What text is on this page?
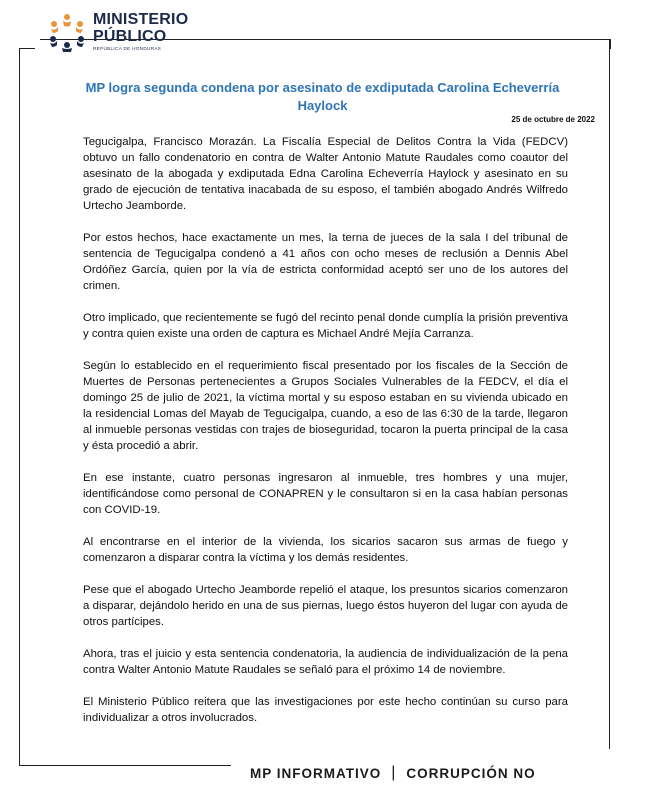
MINISTERIO
PÚBLICO
REPÚBLICA DE HONDURAS
MP logra segunda condena por asesinato de exdiputada Carolina Echeverría Haylock
25 de octubre de 2022

Tegucigalpa, Francisco Morazán. La Fiscalía Especial de Delitos Contra la Vida (FEDCV) obtuvo un fallo condenatorio en contra de Walter Antonio Matute Raudales como coautor del asesinato de la abogada y exdiputada Edna Carolina Echeverría Haylock y asesinato en su grado de ejecución de tentativa inacabada de su esposo, el también abogado Andrés Wilfredo Urtecho Jeamborde.

Por estos hechos, hace exactamente un mes, la terna de jueces de la sala I del tribunal de sentencia de Tegucigalpa condenó a 41 años con ocho meses de reclusión a Dennis Abel Ordóñez García, quien por la vía de estricta conformidad aceptó ser uno de los autores del crimen.

Otro implicado, que recientemente se fugó del recinto penal donde cumplía la prisión preventiva y contra quien existe una orden de captura es Michael André Mejía Carranza.

Según lo establecido en el requerimiento fiscal presentado por los fiscales de la Sección de Muertes de Personas pertenecientes a Grupos Sociales Vulnerables de la FEDCV, el día el domingo 25 de julio de 2021, la víctima mortal y su esposo estaban en su vivienda ubicado en la residencial Lomas del Mayab de Tegucigalpa, cuando, a eso de las 6:30 de la tarde, llegaron al inmueble personas vestidas con trajes de bioseguridad, tocaron la puerta principal de la casa y ésta procedió a abrir.

En ese instante, cuatro personas ingresaron al inmueble, tres hombres y una mujer, identificándose como personal de CONAPREN y le consultaron si en la casa habían personas con COVID-19.

Al encontrarse en el interior de la vivienda, los sicarios sacaron sus armas de fuego y comenzaron a disparar contra la víctima y los demás residentes.

Pese que el abogado Urtecho Jeamborde repelió el ataque, los presuntos sicarios comenzaron a disparar, dejándolo herido en una de sus piernas, luego éstos huyeron del lugar con ayuda de otros partícipes.

Ahora, tras el juicio y esta sentencia condenatoria, la audiencia de individualización de la pena contra Walter Antonio Matute Raudales se señaló para el próximo 14 de noviembre.

El Ministerio Público reitera que las investigaciones por este hecho continúan su curso para individualizar a otros involucrados.

MP INFORMATIVO | CORRUPCIÓN NO
